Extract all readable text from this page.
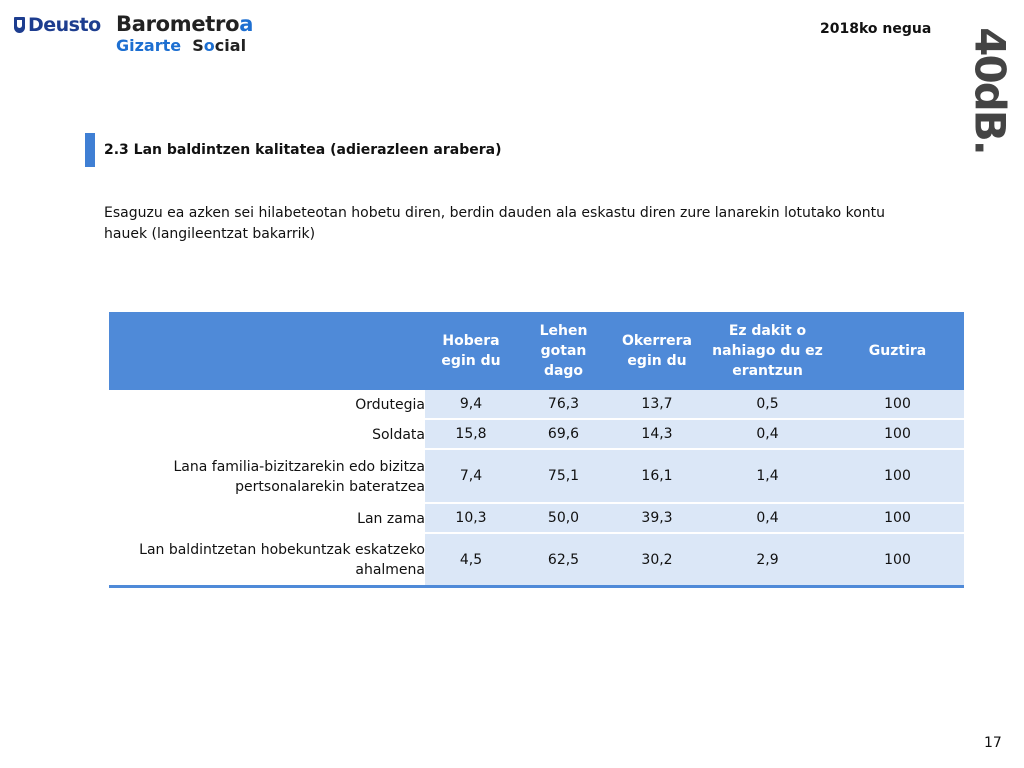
Deusto Barometroa
Gizarte Social
2018ko negua 40dB.
2.3 Lan baldintzen kalitatea (adierazleen arabera)
Esaguzu ea azken sei hilabeteotan hobetu diren, berdin dauden ala eskastu diren zure lanarekin lotutako kontu hauek (langileentzat bakarrik)
	Hobera egin du	Lehen gotan dago	Okerrera egin du	Ez dakit o nahiago du ez erantzun	Guztira
Ordutegia	9,4	76,3	13,7	0,5	100
Soldata	15,8	69,6	14,3	0,4	100
Lana familia-bizitzarekin edo bizitza pertsonalarekin bateratzea	7,4	75,1	16,1	1,4	100
Lan zama	10,3	50,0	39,3	0,4	100
Lan baldintzetan hobekuntzak eskatzeko ahalmena	4,5	62,5	30,2	2,9	100
17
